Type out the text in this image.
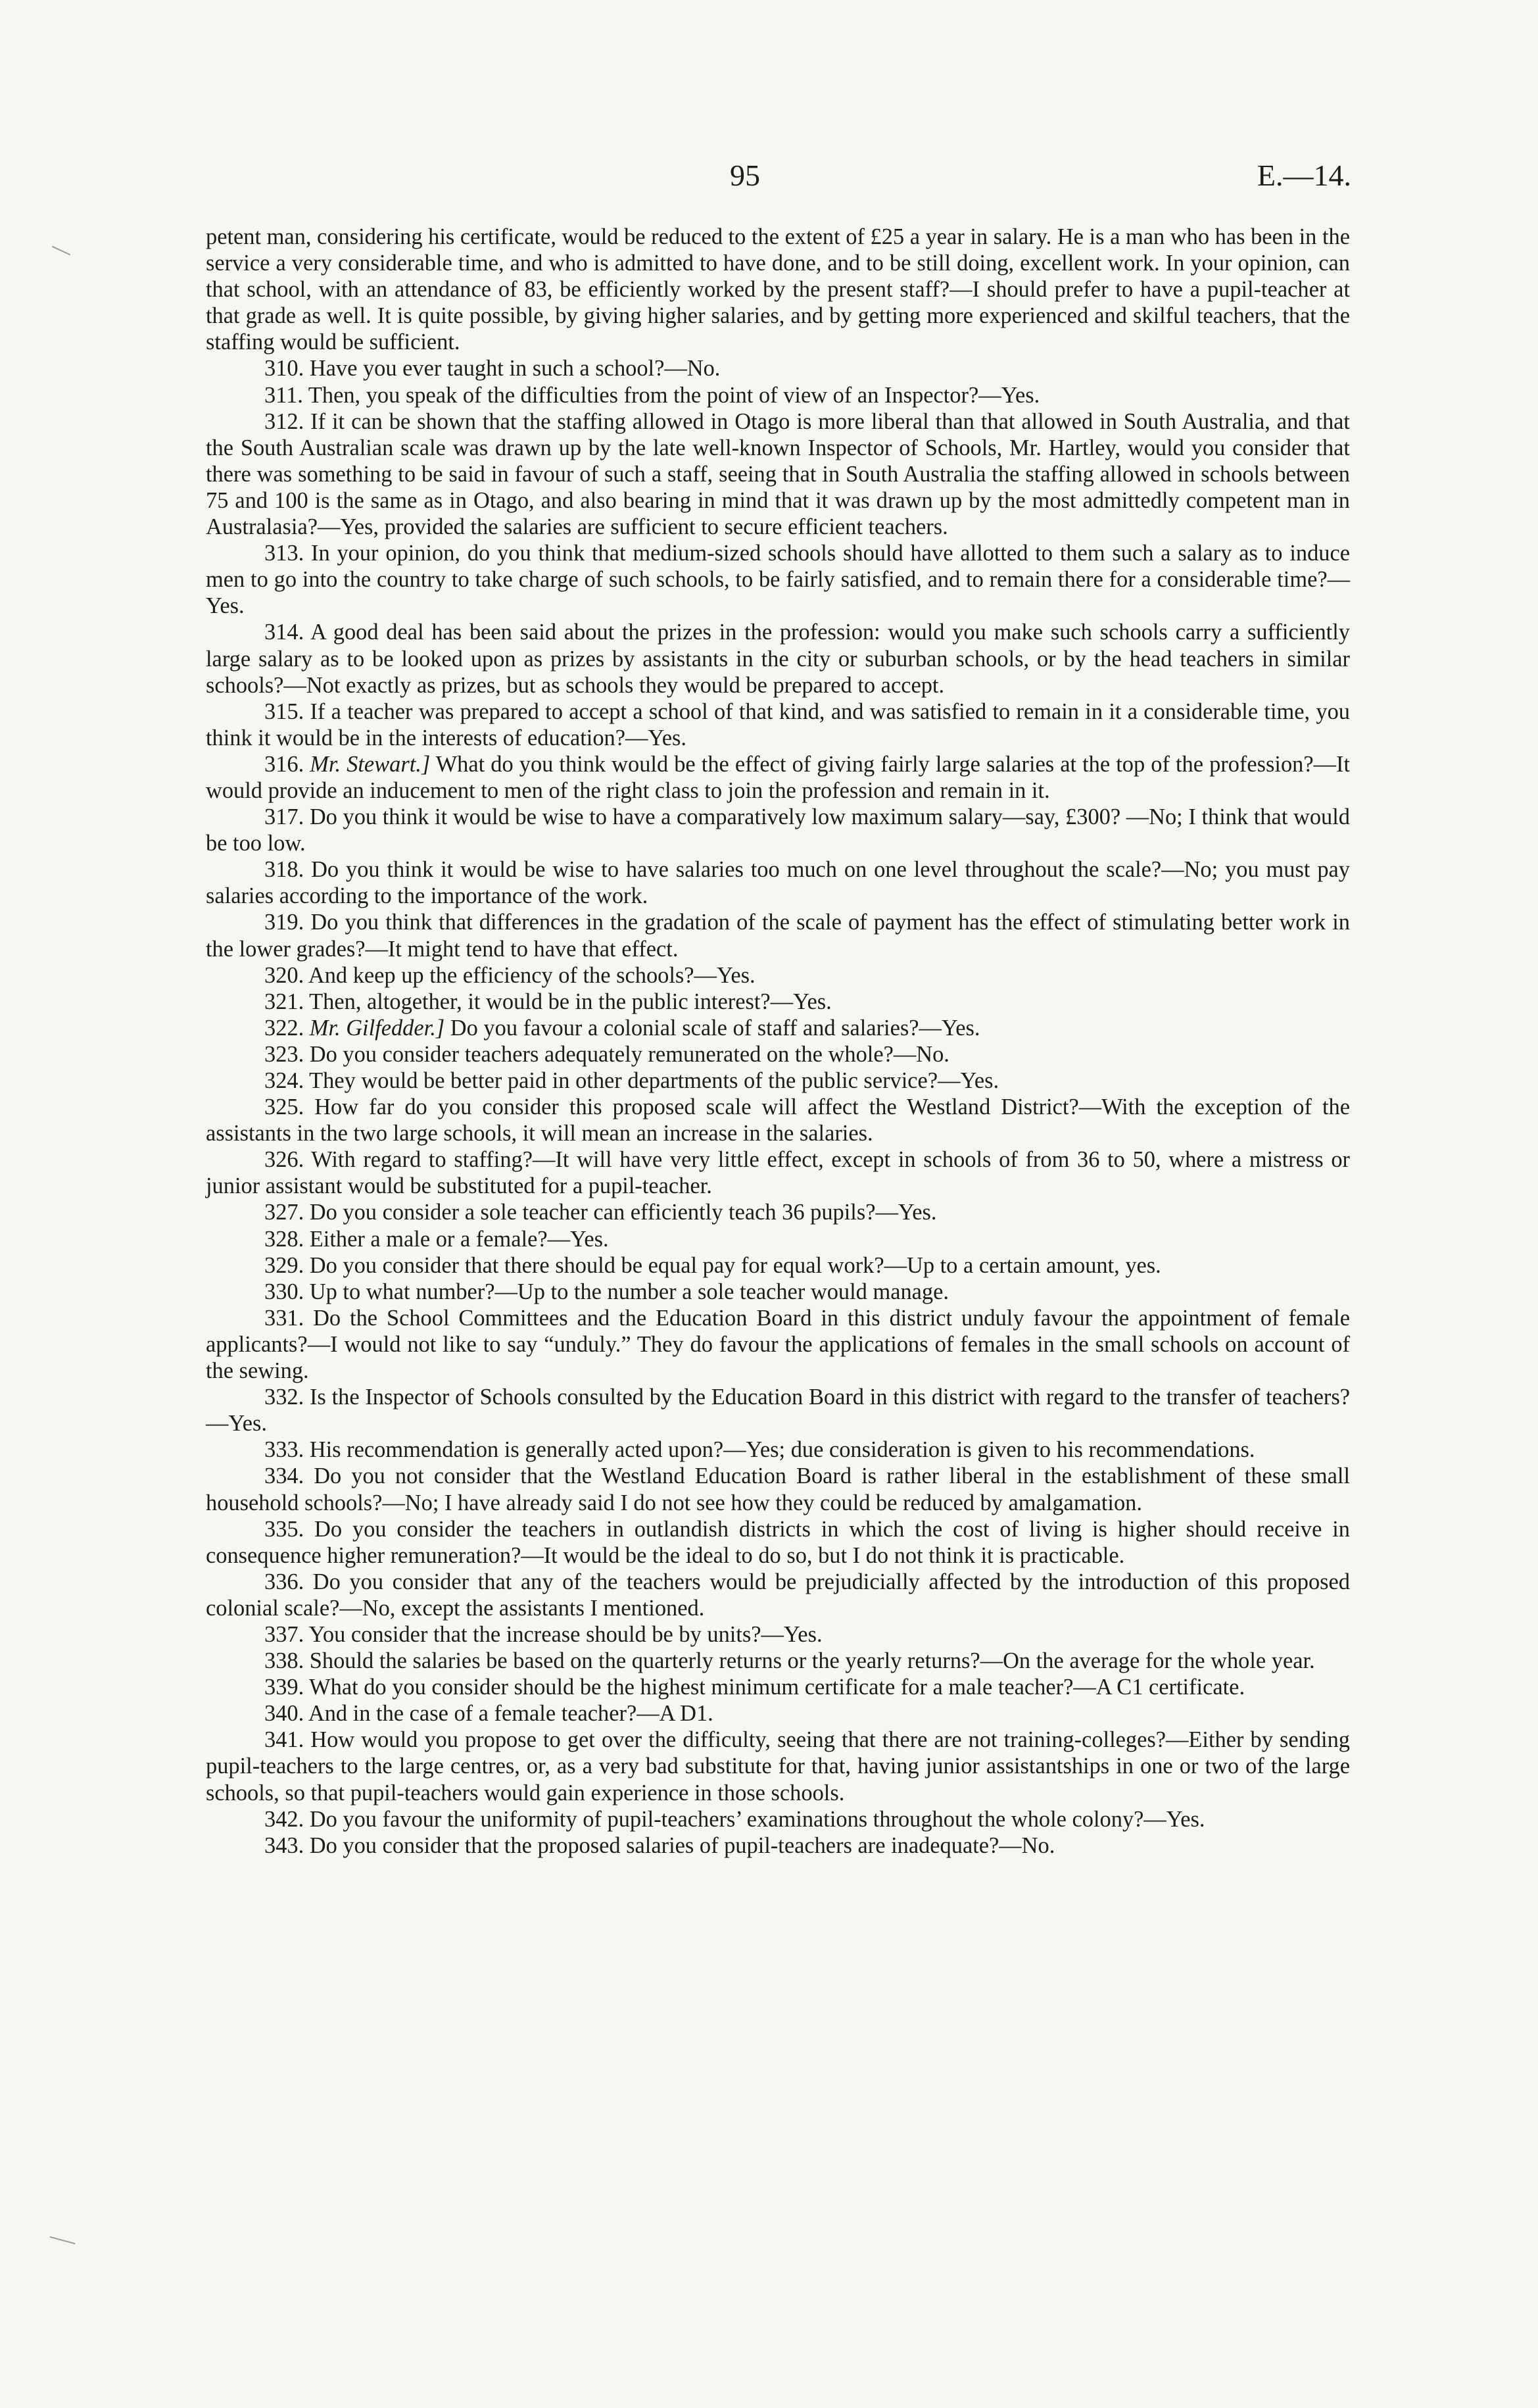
95	E.—14.

petent man, considering his certificate, would be reduced to the extent of £25 a year in salary. He is a man who has been in the service a very considerable time, and who is admitted to have done, and to be still doing, excellent work. In your opinion, can that school, with an attendance of 83, be efficiently worked by the present staff?—I should prefer to have a pupil-teacher at that grade as well. It is quite possible, by giving higher salaries, and by getting more experienced and skilful teachers, that the staffing would be sufficient.

310. Have you ever taught in such a school?—No.

311. Then, you speak of the difficulties from the point of view of an Inspector?—Yes.

312. If it can be shown that the staffing allowed in Otago is more liberal than that allowed in South Australia, and that the South Australian scale was drawn up by the late well-known Inspector of Schools, Mr. Hartley, would you consider that there was something to be said in favour of such a staff, seeing that in South Australia the staffing allowed in schools between 75 and 100 is the same as in Otago, and also bearing in mind that it was drawn up by the most admittedly competent man in Australasia?—Yes, provided the salaries are sufficient to secure efficient teachers.

313. In your opinion, do you think that medium-sized schools should have allotted to them such a salary as to induce men to go into the country to take charge of such schools, to be fairly satisfied, and to remain there for a considerable time?—Yes.

314. A good deal has been said about the prizes in the profession: would you make such schools carry a sufficiently large salary as to be looked upon as prizes by assistants in the city or suburban schools, or by the head teachers in similar schools?—Not exactly as prizes, but as schools they would be prepared to accept.

315. If a teacher was prepared to accept a school of that kind, and was satisfied to remain in it a considerable time, you think it would be in the interests of education?—Yes.

316. Mr. Stewart.] What do you think would be the effect of giving fairly large salaries at the top of the profession?—It would provide an inducement to men of the right class to join the profession and remain in it.

317. Do you think it would be wise to have a comparatively low maximum salary—say, £300? —No; I think that would be too low.

318. Do you think it would be wise to have salaries too much on one level throughout the scale?—No; you must pay salaries according to the importance of the work.

319. Do you think that differences in the gradation of the scale of payment has the effect of stimulating better work in the lower grades?—It might tend to have that effect.

320. And keep up the efficiency of the schools?—Yes.

321. Then, altogether, it would be in the public interest?—Yes.

322. Mr. Gilfedder.] Do you favour a colonial scale of staff and salaries?—Yes.

323. Do you consider teachers adequately remunerated on the whole?—No.

324. They would be better paid in other departments of the public service?—Yes.

325. How far do you consider this proposed scale will affect the Westland District?—With the exception of the assistants in the two large schools, it will mean an increase in the salaries.

326. With regard to staffing?—It will have very little effect, except in schools of from 36 to 50, where a mistress or junior assistant would be substituted for a pupil-teacher.

327. Do you consider a sole teacher can efficiently teach 36 pupils?—Yes.

328. Either a male or a female?—Yes.

329. Do you consider that there should be equal pay for equal work?—Up to a certain amount, yes.

330. Up to what number?—Up to the number a sole teacher would manage.

331. Do the School Committees and the Education Board in this district unduly favour the appointment of female applicants?—I would not like to say “unduly.” They do favour the applications of females in the small schools on account of the sewing.

332. Is the Inspector of Schools consulted by the Education Board in this district with regard to the transfer of teachers?—Yes.

333. His recommendation is generally acted upon?—Yes; due consideration is given to his recommendations.

334. Do you not consider that the Westland Education Board is rather liberal in the establishment of these small household schools?—No; I have already said I do not see how they could be reduced by amalgamation.

335. Do you consider the teachers in outlandish districts in which the cost of living is higher should receive in consequence higher remuneration?—It would be the ideal to do so, but I do not think it is practicable.

336. Do you consider that any of the teachers would be prejudicially affected by the introduction of this proposed colonial scale?—No, except the assistants I mentioned.

337. You consider that the increase should be by units?—Yes.

338. Should the salaries be based on the quarterly returns or the yearly returns?—On the average for the whole year.

339. What do you consider should be the highest minimum certificate for a male teacher?—A C1 certificate.

340. And in the case of a female teacher?—A D1.

341. How would you propose to get over the difficulty, seeing that there are not training-colleges?—Either by sending pupil-teachers to the large centres, or, as a very bad substitute for that, having junior assistantships in one or two of the large schools, so that pupil-teachers would gain experience in those schools.

342. Do you favour the uniformity of pupil-teachers’ examinations throughout the whole colony?—Yes.

343. Do you consider that the proposed salaries of pupil-teachers are inadequate?—No.
